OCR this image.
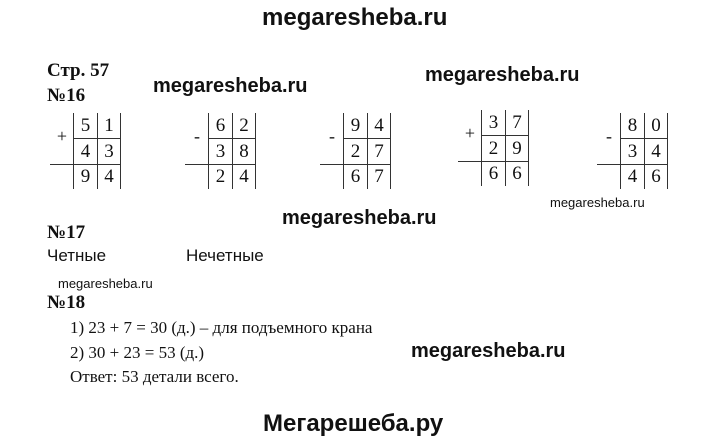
megaresheba.ru
megaresheba.ru	megaresheba.ru
megaresheba.ru
megaresheba.ru
megaresheba.ru
megaresheba.ru
Мегарешеба.ру
Стр. 57
№16
+ 5 1
4 3
9 4
- 6 2
3 8
2 4
- 9 4
2 7
6 7
+ 3 7
2 9
6 6
- 8 0
3 4
4 6
№17
Четные	Нечетные
№18
1) 23 + 7 = 30 (д.) – для подъемного крана
2) 30 + 23 = 53 (д.)
Ответ: 53 детали всего.
